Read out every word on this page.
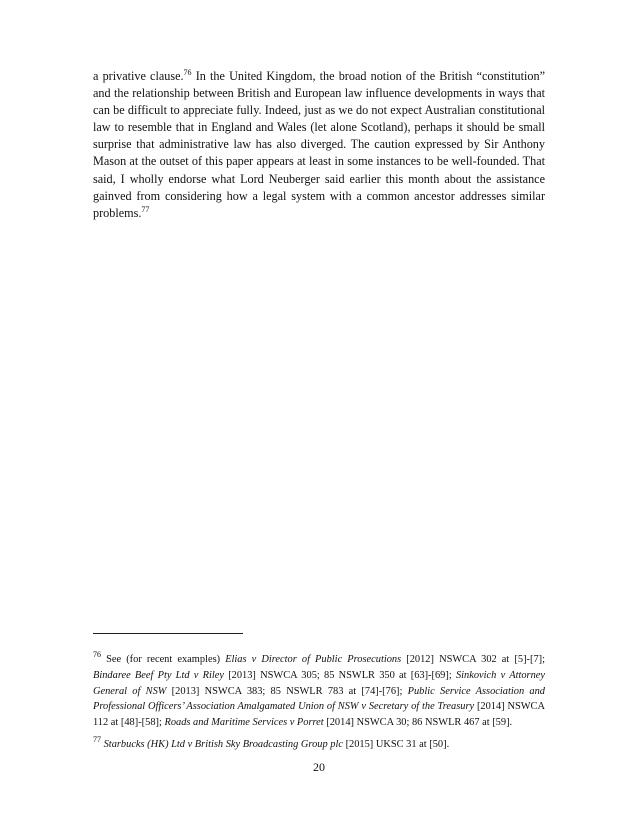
a privative clause.$^{76}$ In the United Kingdom, the broad notion of the British “constitution” and the relationship between British and European law influence developments in ways that can be difficult to appreciate fully. Indeed, just as we do not expect Australian constitutional law to resemble that in England and Wales (let alone Scotland), perhaps it should be small surprise that administrative law has also diverged. The caution expressed by Sir Anthony Mason at the outset of this paper appears at least in some instances to be well-founded. That said, I wholly endorse what Lord Neuberger said earlier this month about the assistance gainved from considering how a legal system with a common ancestor addresses similar problems.$^{77}$

$^{76}$ See (for recent examples) Elias v Director of Public Prosecutions [2012] NSWCA 302 at [5]-[7]; Bindaree Beef Pty Ltd v Riley [2013] NSWCA 305; 85 NSWLR 350 at [63]-[69]; Sinkovich v Attorney General of NSW [2013] NSWCA 383; 85 NSWLR 783 at [74]-[76]; Public Service Association and Professional Officers’ Association Amalgamated Union of NSW v Secretary of the Treasury [2014] NSWCA 112 at [48]-[58]; Roads and Maritime Services v Porret [2014] NSWCA 30; 86 NSWLR 467 at [59].

$^{77}$ Starbucks (HK) Ltd v British Sky Broadcasting Group plc [2015] UKSC 31 at [50].

20
